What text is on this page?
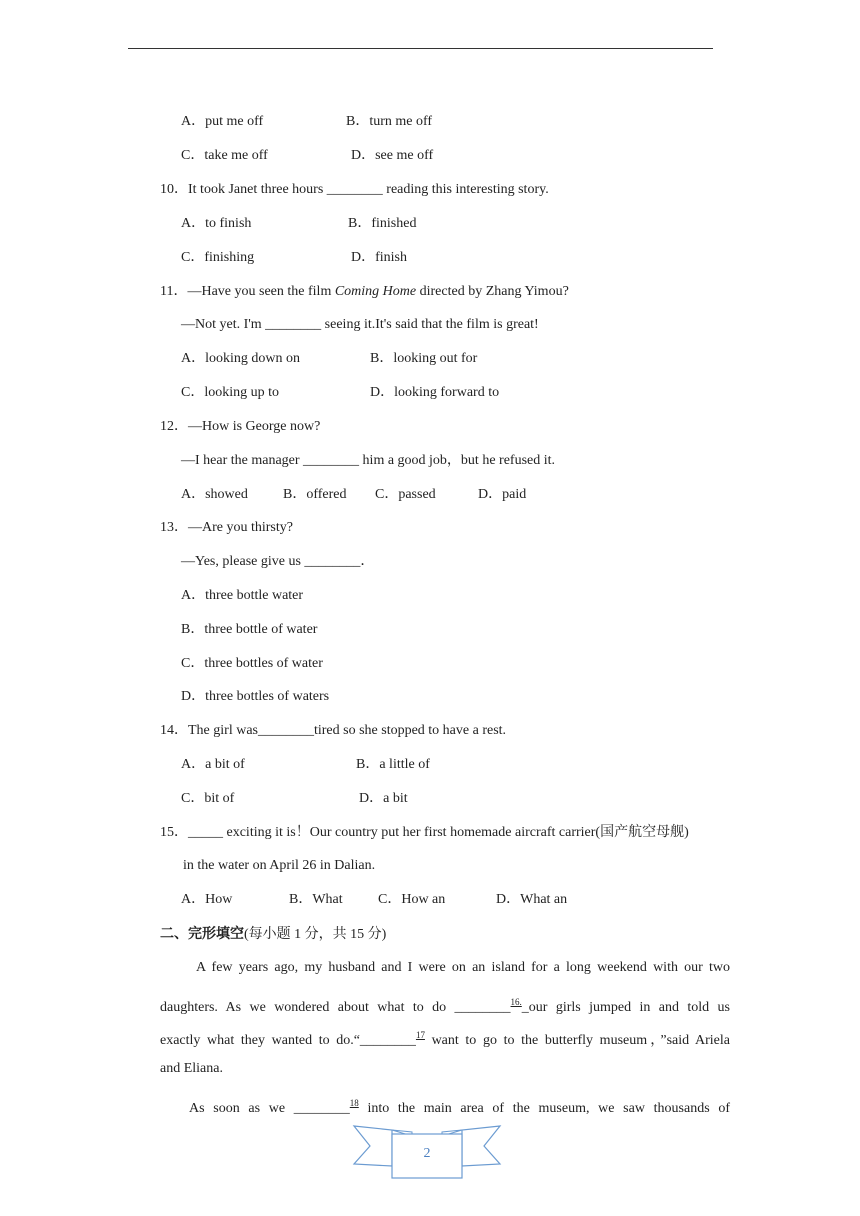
A．put me off	B．turn me off
C．take me off	D．see me off
10．It took Janet three hours ________ reading this interesting story.
A．to finish	B．finished
C．finishing	D．finish
11．—Have you seen the film Coming Home directed by Zhang Yimou?
—Not yet. I'm ________ seeing it.It's said that the film is great!
A．looking down on	B．looking out for
C．looking up to	D．looking forward to
12．—How is George now?
—I hear the manager ________ him a good job，but he refused it.
A．showed	B．offered C．passed	D．paid
13．—Are you thirsty?
—Yes, please give us ________．
A．three bottle water
B．three bottle of water
C．three bottles of water
D．three bottles of waters
14．The girl was________tired so she stopped to have a rest.
A．a bit of	B．a little of
C．bit of	D．a bit
15．_____ exciting it is！Our country put her first homemade aircraft carrier(国产航空母舰)
in the water on April 26 in Dalian.
A．How	B．What	C．How an	D．What an
二、完形填空(每小题 1 分，共 15 分)
A few years ago, my husband and I were on an island for a long weekend with our two
daughters. As we wondered about what to do ________$^{16.}$_our girls jumped in and told us
exactly what they wanted to do.“________$^{17}$ want to go to the butterfly museum，”said Ariela
and Eliana.
As soon as we ________$^{18}$ into the main area of the museum, we saw thousands of
2
